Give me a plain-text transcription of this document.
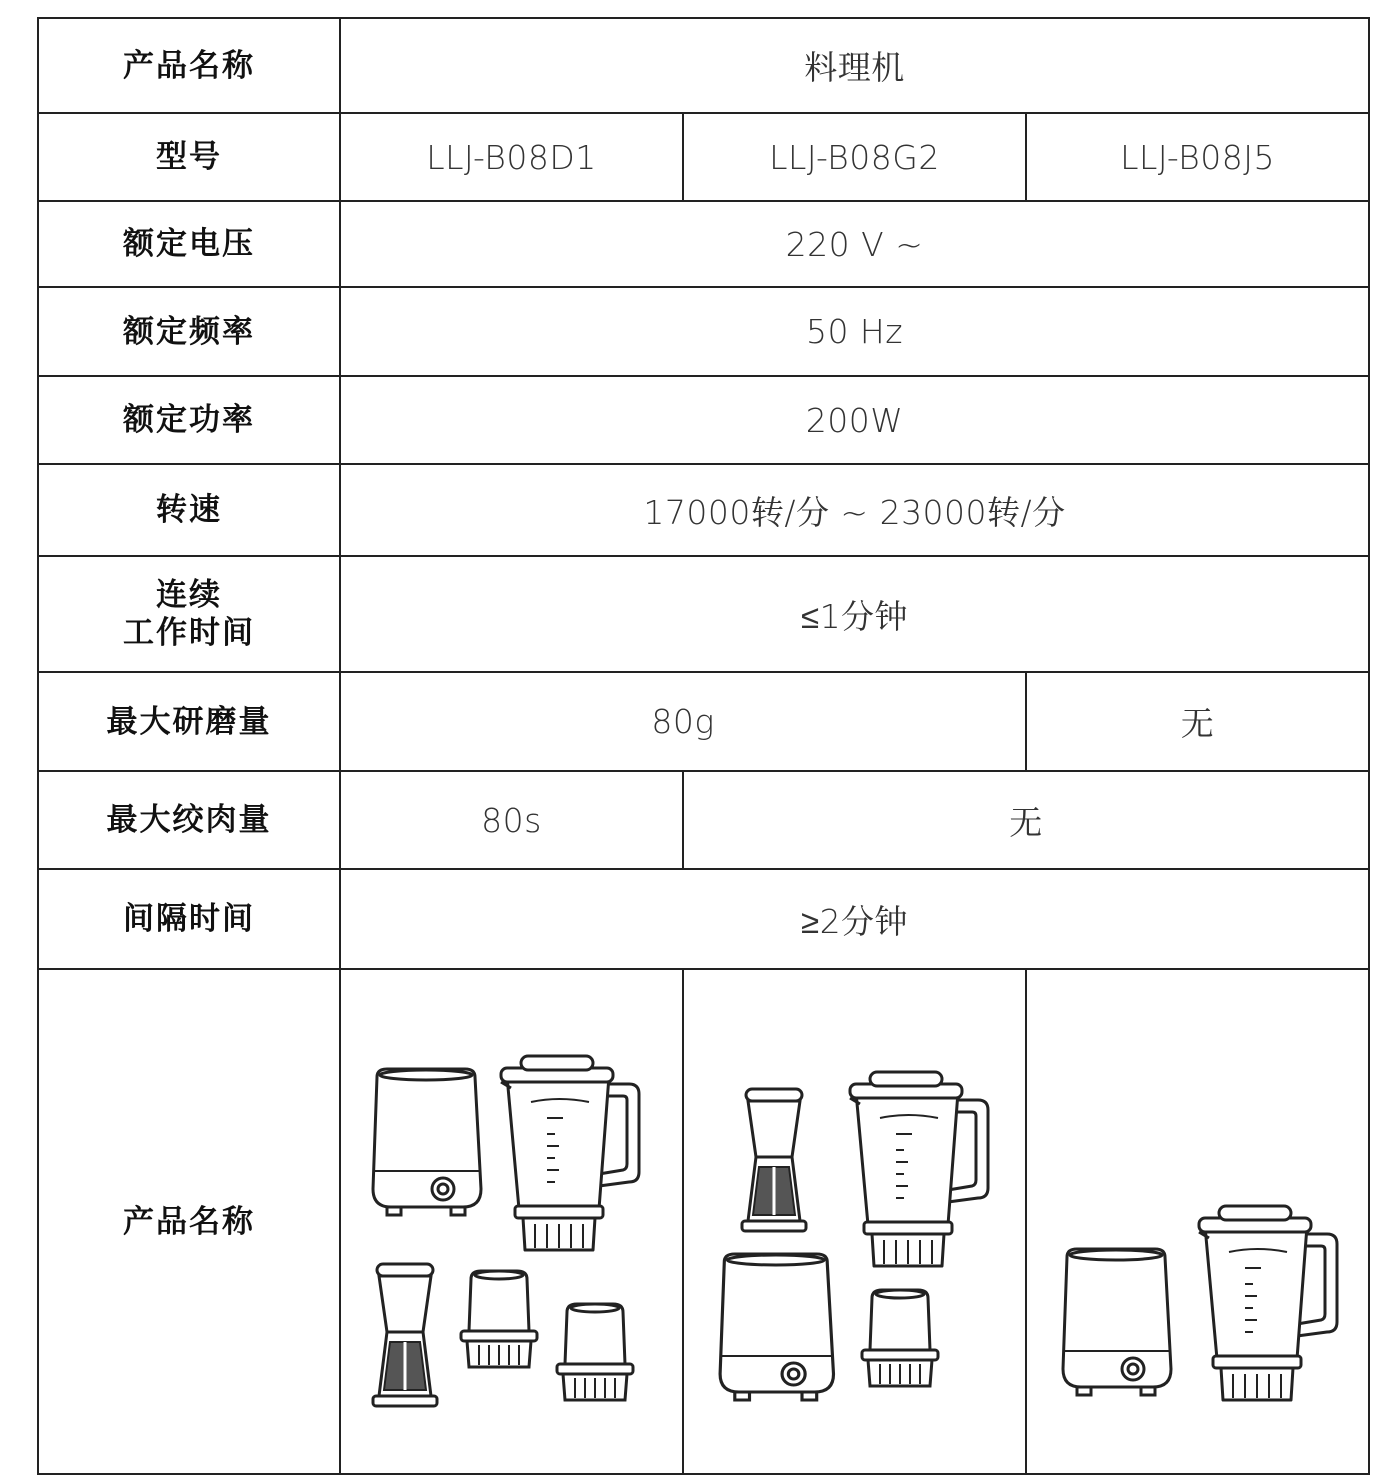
产品名称	料理机		
型号	LLJ-B08D1	LLJ-B08G2	LLJ-B08J5
额定电压	220 V ~		
额定频率	50 Hz		
额定功率	200W		
转速	17000转/分 ~ 23000转/分		

连续
工作时间	≤1分钟		
最大研磨量	80g		无
最大绞肉量	80s	无	
间隔时间	≥2分钟		
产品名称	
